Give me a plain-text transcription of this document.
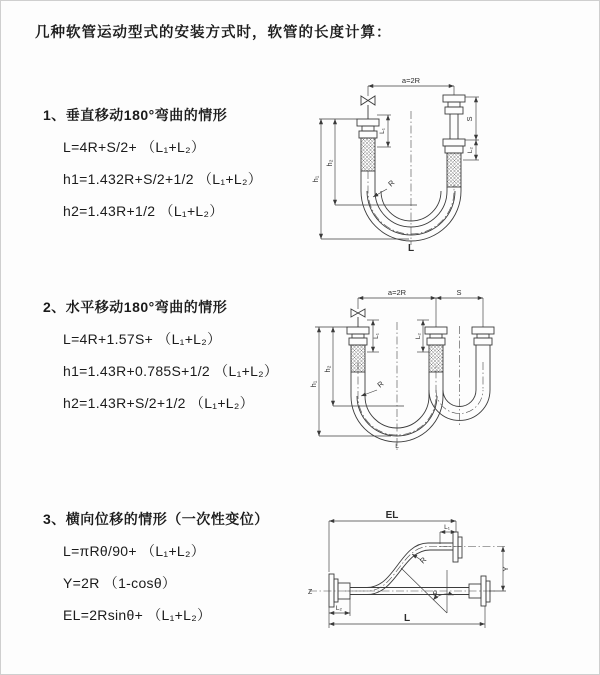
几种软管运动型式的安装方式时，软管的长度计算：
1、垂直移动180°弯曲的情形
L=4R+S/2+ （L₁+L₂）
h1=1.432R+S/2+1/2 （L₁+L₂）
h2=1.43R+1/2 （L₁+L₂）
2、水平移动180°弯曲的情形
L=4R+1.57S+ （L₁+L₂）
h1=1.43R+0.785S+1/2 （L₁+L₂）
h2=1.43R+S/2+1/2 （L₁+L₂）
3、横向位移的情形（一次性变位）
L=πRθ/90+ （L₁+L₂）
Y=2R （1-cosθ）
EL=2Rsinθ+ （L₁+L₂）
a=2R
S
L₂
L₁
h₂
h₁	R
L
a=2R	S
L₁	L₂
h₂
h₁	R
L
Z
EL
L₁
Y
R
θ
L₂
L
